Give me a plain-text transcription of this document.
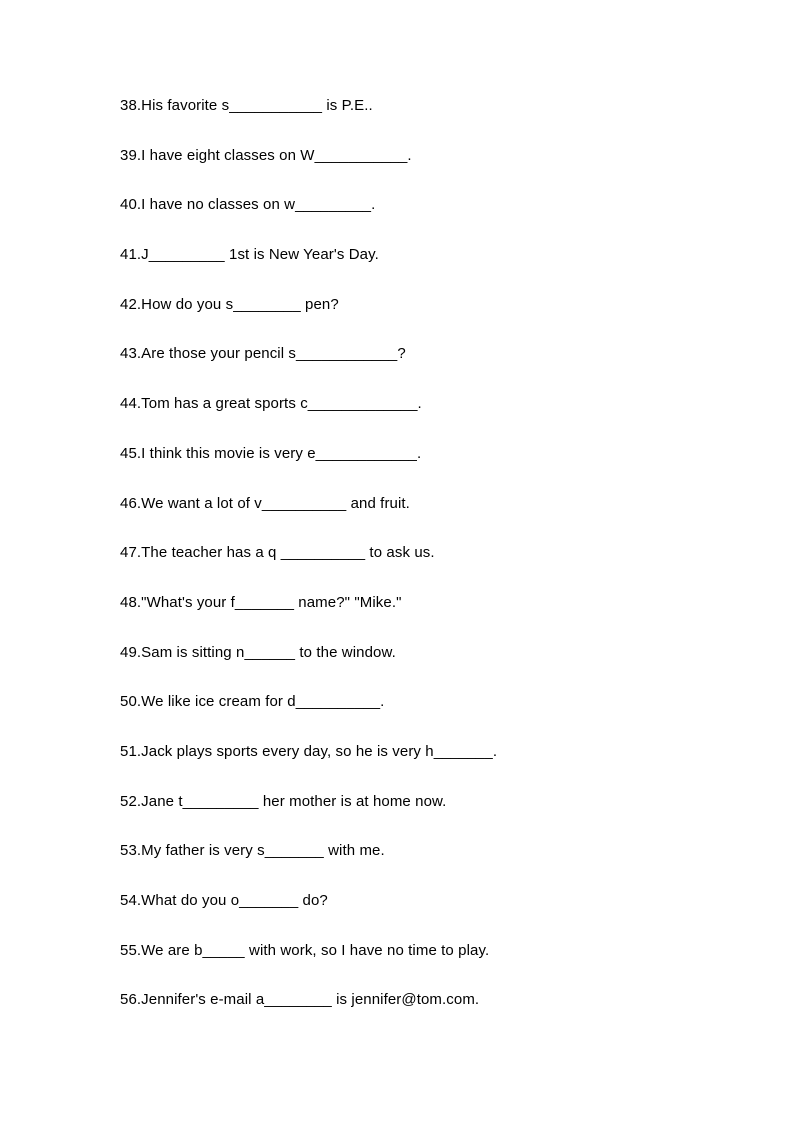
38.His favorite s___________ is P.E..
39.I have eight classes on W___________.
40.I have no classes on w_________.
41.J_________ 1st is New Year's Day.
42.How do you s________ pen?
43.Are those your pencil s____________?
44.Tom has a great sports c_____________.
45.I think this movie is very e____________.
46.We want a lot of v__________ and fruit.
47.The teacher has a q __________ to ask us.
48."What's your f_______ name?" "Mike."
49.Sam is sitting n______ to the window.
50.We like ice cream for d__________.
51.Jack plays sports every day, so he is very h_______.
52.Jane t_________ her mother is at home now.
53.My father is very s_______ with me.
54.What do you o_______ do?
55.We are b_____ with work, so I have no time to play.
56.Jennifer's e-mail a________ is jennifer@tom.com.
